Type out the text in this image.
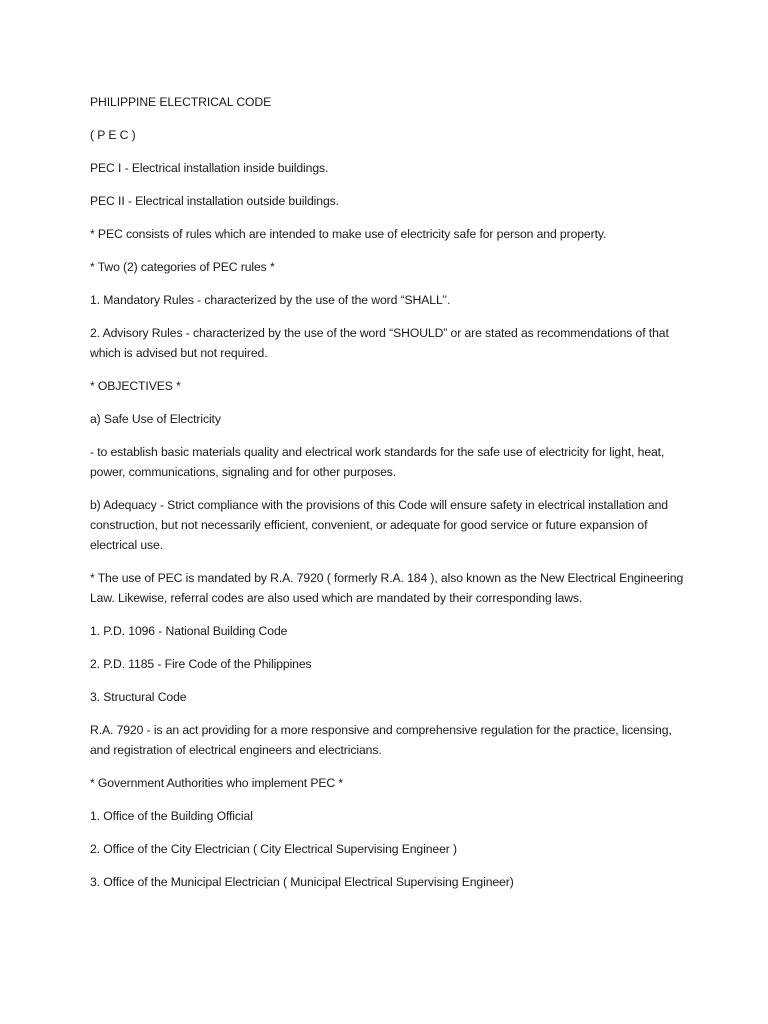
PHILIPPINE ELECTRICAL CODE

( P E C )

PEC I - Electrical installation inside buildings.

PEC II - Electrical installation outside buildings.

* PEC consists of rules which are intended to make use of electricity safe for person and property.

* Two (2) categories of PEC rules *

1. Mandatory Rules - characterized by the use of the word “SHALL’’.

2. Advisory Rules - characterized by the use of the word “SHOULD” or are stated as recommendations of that which is advised but not required.

* OBJECTIVES *

a) Safe Use of Electricity

- to establish basic materials quality and electrical work standards for the safe use of electricity for light, heat, power, communications, signaling and for other purposes.

b) Adequacy - Strict compliance with the provisions of this Code will ensure safety in electrical installation and construction, but not necessarily efficient, convenient, or adequate for good service or future expansion of electrical use.

* The use of PEC is mandated by R.A. 7920 ( formerly R.A. 184 ), also known as the New Electrical Engineering Law. Likewise, referral codes are also used which are mandated by their corresponding laws.

1. P.D. 1096 - National Building Code

2. P.D. 1185 - Fire Code of the Philippines

3. Structural Code

R.A. 7920 - is an act providing for a more responsive and comprehensive regulation for the practice, licensing, and registration of electrical engineers and electricians.

* Government Authorities who implement PEC *

1. Office of the Building Official

2. Office of the City Electrician ( City Electrical Supervising Engineer )

3. Office of the Municipal Electrician ( Municipal Electrical Supervising Engineer)
